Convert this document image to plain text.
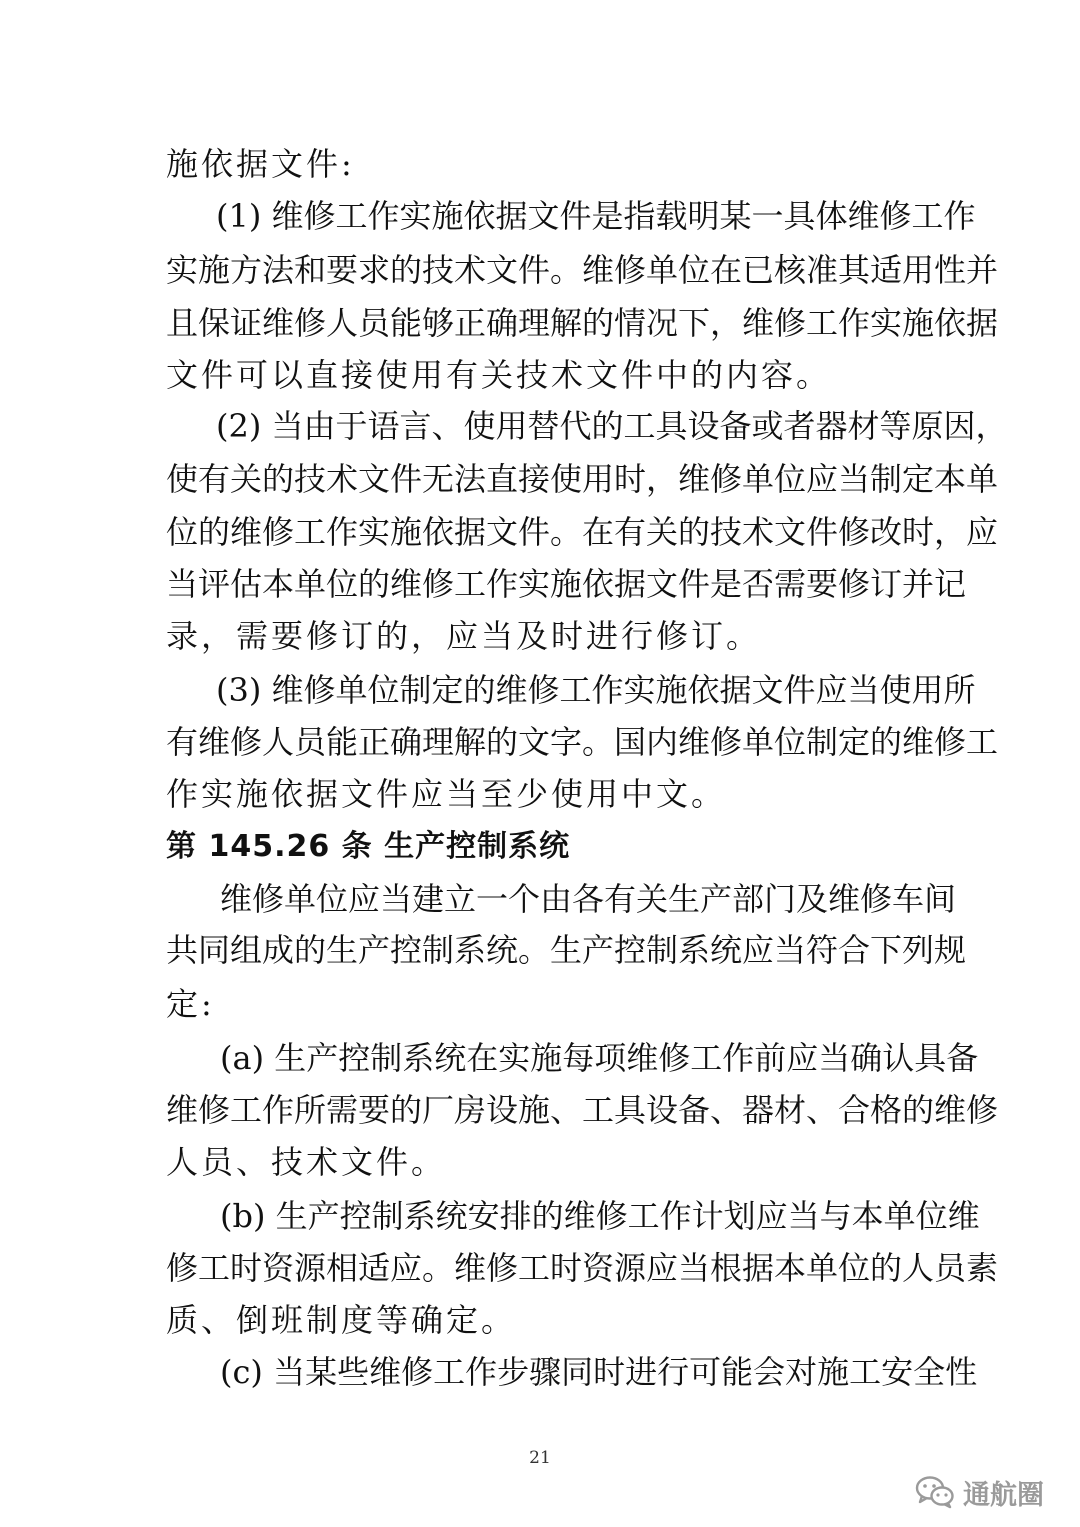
施依据文件:
(1) 维修工作实施依据文件是指载明某一具体维修工作
实施方法和要求的技术文件。维修单位在已核准其适用性并
且保证维修人员能够正确理解的情况下，维修工作实施依据
文件可以直接使用有关技术文件中的内容。
(2) 当由于语言、使用替代的工具设备或者器材等原因，
使有关的技术文件无法直接使用时，维修单位应当制定本单
位的维修工作实施依据文件。在有关的技术文件修改时，应
当评估本单位的维修工作实施依据文件是否需要修订并记
录，需要修订的，应当及时进行修订。
(3) 维修单位制定的维修工作实施依据文件应当使用所
有维修人员能正确理解的文字。国内维修单位制定的维修工
作实施依据文件应当至少使用中文。
第 145.26 条 生产控制系统
维修单位应当建立一个由各有关生产部门及维修车间
共同组成的生产控制系统。生产控制系统应当符合下列规
定:
(a) 生产控制系统在实施每项维修工作前应当确认具备
维修工作所需要的厂房设施、工具设备、器材、合格的维修
人员、技术文件。
(b) 生产控制系统安排的维修工作计划应当与本单位维
修工时资源相适应。维修工时资源应当根据本单位的人员素
质、倒班制度等确定。
(c) 当某些维修工作步骤同时进行可能会对施工安全性
21
通航圈
